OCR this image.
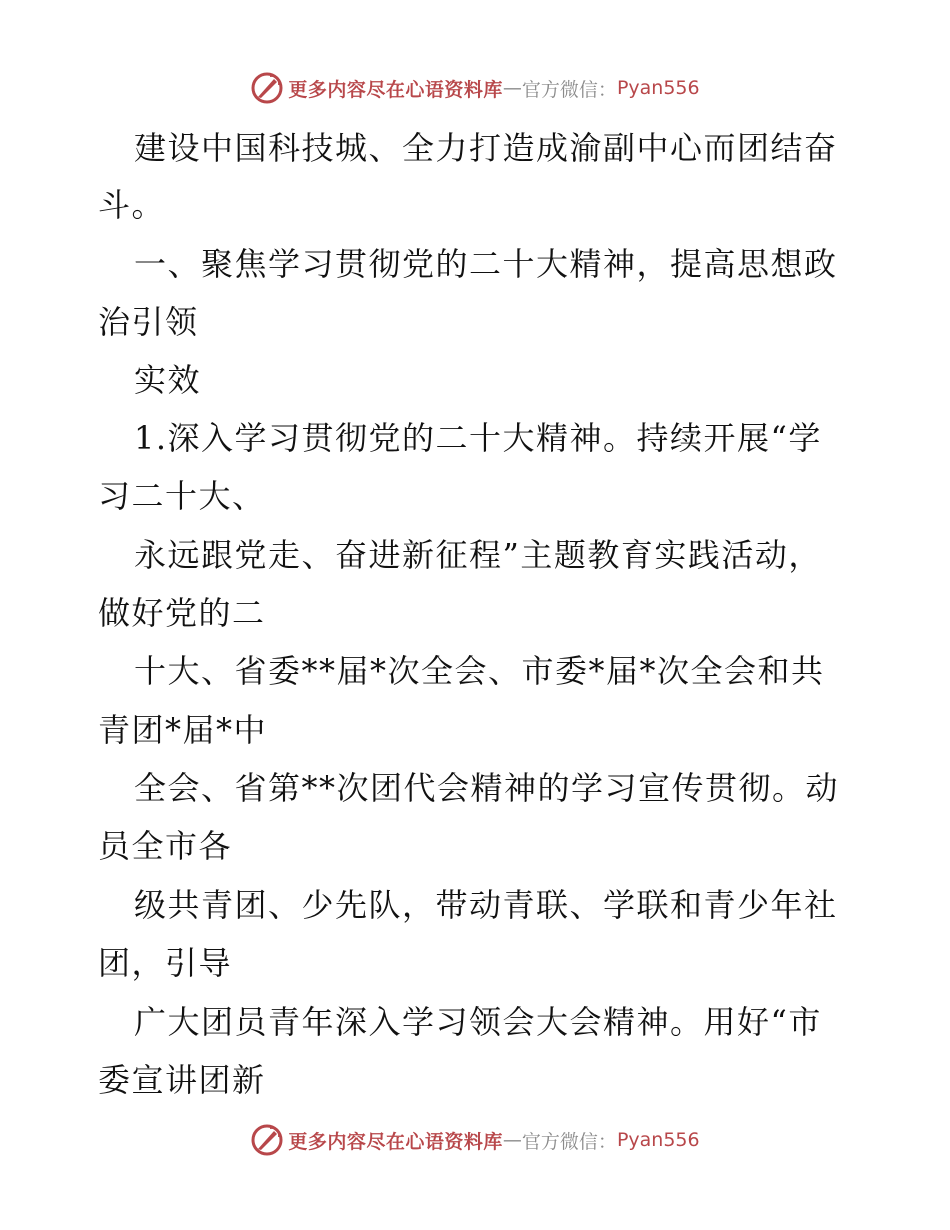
更多内容尽在心语资料库 — 官方微信： Pyan556
建设中国科技城、全力打造成渝副中心而团结奋
斗。
一、聚焦学习贯彻党的二十大精神，提高思想政
治引领
实效
1.深入学习贯彻党的二十大精神。持续开展“学
习二十大、
永远跟党走、奋进新征程”主题教育实践活动，
做好党的二
十大、省委**届*次全会、市委*届*次全会和共
青团*届*中
全会、省第**次团代会精神的学习宣传贯彻。动
员全市各
级共青团、少先队，带动青联、学联和青少年社
团，引导
广大团员青年深入学习领会大会精神。用好“市
委宣讲团新
更多内容尽在心语资料库 — 官方微信： Pyan556
